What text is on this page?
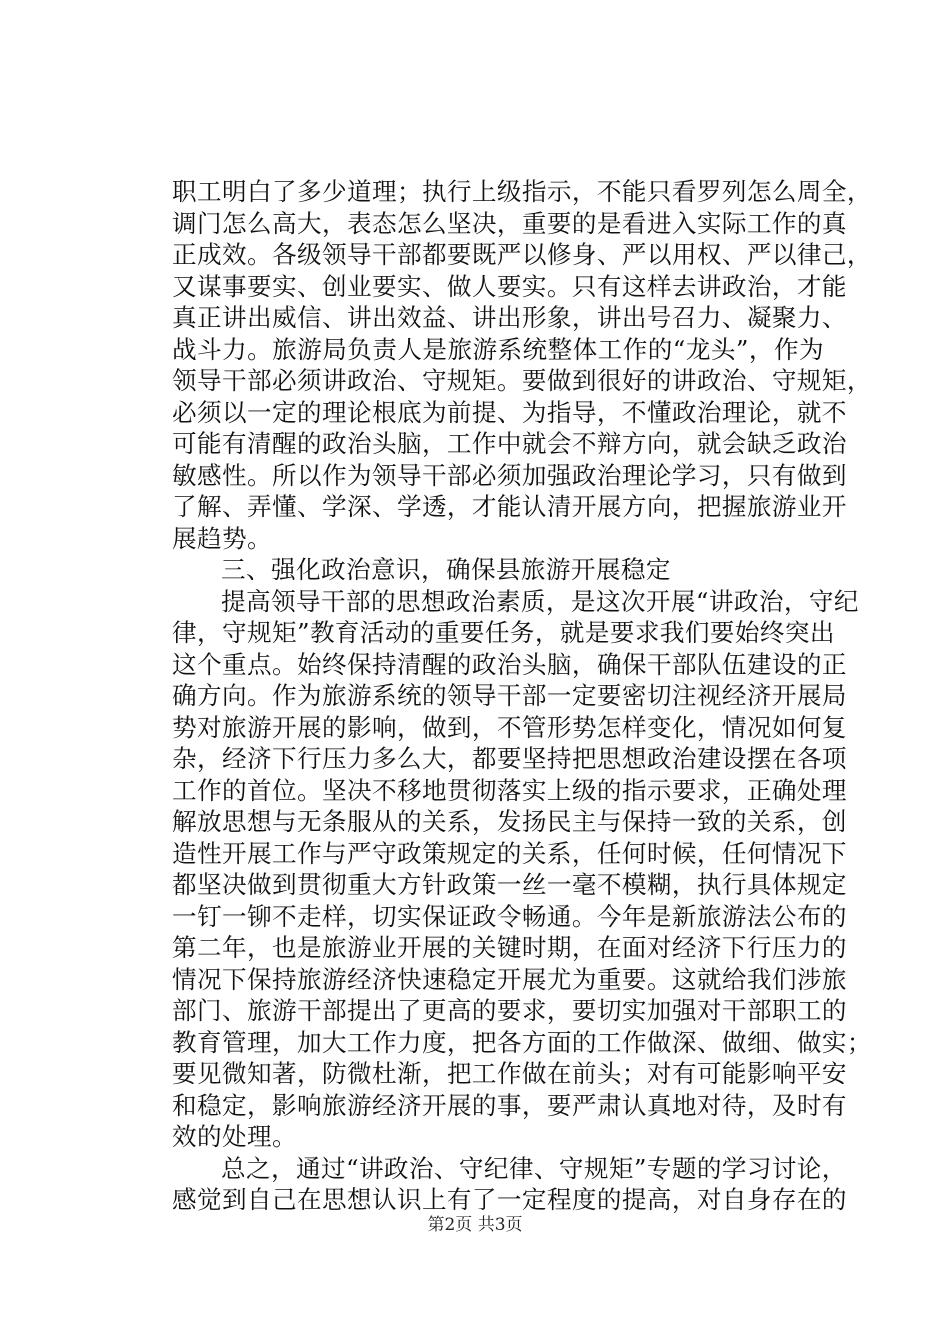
职工明白了多少道理；执行上级指示，不能只看罗列怎么周全，
调门怎么高大，表态怎么坚决，重要的是看进入实际工作的真
正成效。各级领导干部都要既严以修身、严以用权、严以律己，
又谋事要实、创业要实、做人要实。只有这样去讲政治，才能
真正讲出威信、讲出效益、讲出形象，讲出号召力、凝聚力、
战斗力。旅游局负责人是旅游系统整体工作的“龙头”，作为
领导干部必须讲政治、守规矩。要做到很好的讲政治、守规矩，
必须以一定的理论根底为前提、为指导，不懂政治理论，就不
可能有清醒的政治头脑，工作中就会不辩方向，就会缺乏政治
敏感性。所以作为领导干部必须加强政治理论学习，只有做到
了解、弄懂、学深、学透，才能认清开展方向，把握旅游业开
展趋势。
三、强化政治意识，确保县旅游开展稳定
提高领导干部的思想政治素质，是这次开展“讲政治，守纪
律，守规矩”教育活动的重要任务，就是要求我们要始终突出
这个重点。始终保持清醒的政治头脑，确保干部队伍建设的正
确方向。作为旅游系统的领导干部一定要密切注视经济开展局
势对旅游开展的影响，做到，不管形势怎样变化，情况如何复
杂，经济下行压力多么大，都要坚持把思想政治建设摆在各项
工作的首位。坚决不移地贯彻落实上级的指示要求，正确处理
解放思想与无条服从的关系，发扬民主与保持一致的关系，创
造性开展工作与严守政策规定的关系，任何时候，任何情况下
都坚决做到贯彻重大方针政策一丝一毫不模糊，执行具体规定
一钉一铆不走样，切实保证政令畅通。今年是新旅游法公布的
第二年，也是旅游业开展的关键时期，在面对经济下行压力的
情况下保持旅游经济快速稳定开展尤为重要。这就给我们涉旅
部门、旅游干部提出了更高的要求，要切实加强对干部职工的
教育管理，加大工作力度，把各方面的工作做深、做细、做实；
要见微知著，防微杜渐，把工作做在前头；对有可能影响平安
和稳定，影响旅游经济开展的事，要严肃认真地对待，及时有
效的处理。
总之，通过“讲政治、守纪律、守规矩”专题的学习讨论，
感觉到自己在思想认识上有了一定程度的提高，对自身存在的
第2页 共3页
